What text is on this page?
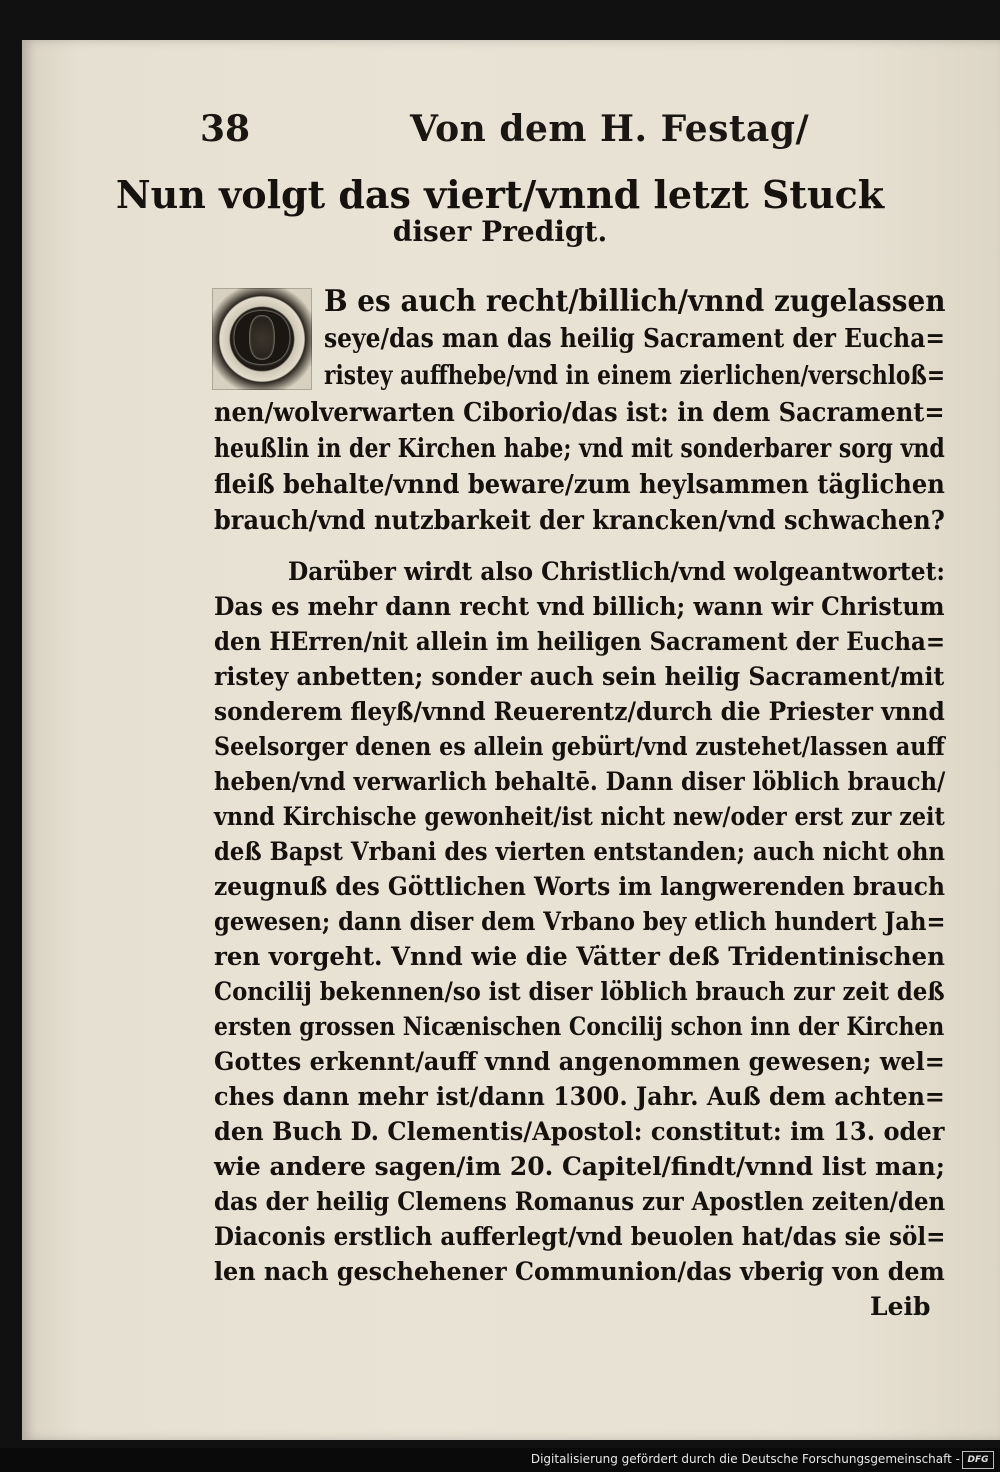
38	Von dem H. Festag/
Nun volgt das viert/vnnd letzt Stuck
diser Predigt.
O B es auch recht/billich/vnnd zugelassen
seye/das man das heilig Sacrament der Eucha=
ristey auffhebe/vnd in einem zierlichen/verschloß=
nen/wolverwarten Ciborio/das ist: in dem Sacrament=
heußlin in der Kirchen habe; vnd mit sonderbarer sorg vnd
fleiß behalte/vnnd beware/zum heylsammen täglichen
brauch/vnd nutzbarkeit der krancken/vnd schwachen?
Darüber wirdt also Christlich/vnd wolgeantwortet:
Das es mehr dann recht vnd billich; wann wir Christum
den HErren/nit allein im heiligen Sacrament der Eucha=
ristey anbetten; sonder auch sein heilig Sacrament/mit
sonderem fleyß/vnnd Reuerentz/durch die Priester vnnd
Seelsorger denen es allein gebürt/vnd zustehet/lassen auff
heben/vnd verwarlich behaltē. Dann diser löblich brauch/
vnnd Kirchische gewonheit/ist nicht new/oder erst zur zeit
deß Bapst Vrbani des vierten entstanden; auch nicht ohn
zeugnuß des Göttlichen Worts im langwerenden brauch
gewesen; dann diser dem Vrbano bey etlich hundert Jah=
ren vorgeht. Vnnd wie die Vätter deß Tridentinischen
Concilij bekennen/so ist diser löblich brauch zur zeit deß
ersten grossen Nicænischen Concilij schon inn der Kirchen
Gottes erkennt/auff vnnd angenommen gewesen; wel=
ches dann mehr ist/dann 1300. Jahr. Auß dem achten=
den Buch D. Clementis/Apostol: constitut: im 13. oder
wie andere sagen/im 20. Capitel/findt/vnnd list man;
das der heilig Clemens Romanus zur Apostlen zeiten/den
Diaconis erstlich aufferlegt/vnd beuolen hat/das sie söl=
len nach geschehener Communion/das vberig von dem
Leib
Digitalisierung gefördert durch die Deutsche Forschungsgemeinschaft - DFG
